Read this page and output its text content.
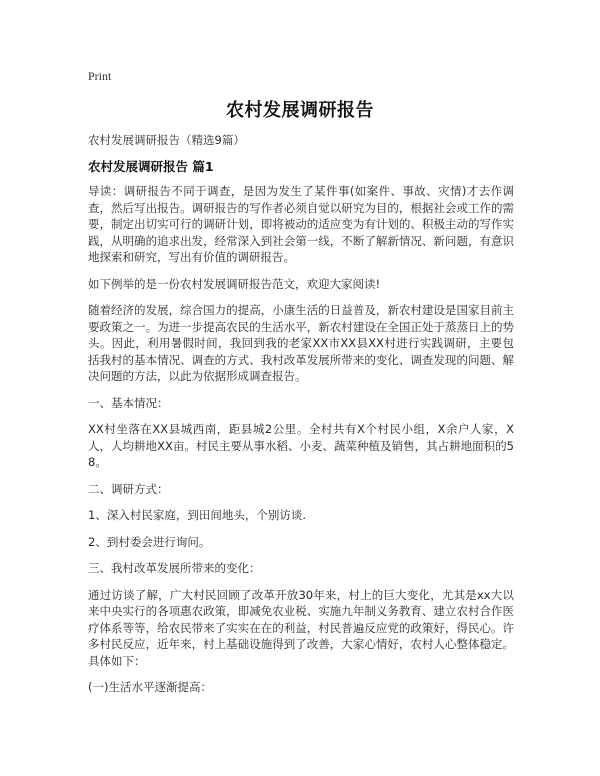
Print
农村发展调研报告

农村发展调研报告（精选9篇）

农村发展调研报告 篇1

导读：调研报告不同于调查，是因为发生了某件事(如案件、事故、灾情)才去作调查，然后写出报告。调研报告的写作者必须自觉以研究为目的，根据社会或工作的需要，制定出切实可行的调研计划，即将被动的适应变为有计划的、积极主动的写作实践，从明确的追求出发，经常深入到社会第一线，不断了解新情况、新问题，有意识地探索和研究，写出有价值的调研报告。

如下例举的是一份农村发展调研报告范文，欢迎大家阅读!

随着经济的发展，综合国力的提高，小康生活的日益普及，新农村建设是国家目前主要政策之一。为进一步提高农民的生活水平，新农村建设在全国正处于蒸蒸日上的势头。因此，利用暑假时间，我回到我的老家XX市XX县XX村进行实践调研，主要包括我村的基本情况、调查的方式、我村改革发展所带来的变化、调查发现的问题、解决问题的方法，以此为依据形成调查报告。

一、基本情况：

XX村坐落在XX县城西南，距县城2公里。全村共有X个村民小组，X余户人家，X人，人均耕地XX亩。村民主要从事水稻、小麦、蔬菜种植及销售，其占耕地面积的58。

二、调研方式：

1、深入村民家庭，到田间地头，个别访谈.

2、到村委会进行询问。

三、我村改革发展所带来的变化：

通过访谈了解，广大村民回顾了改革开放30年来，村上的巨大变化，尤其是xx大以来中央实行的各项惠农政策，即减免农业税、实施九年制义务教育、建立农村合作医疗体系等等，给农民带来了实实在在的利益，村民普遍反应党的政策好，得民心。许多村民反应，近年来，村上基础设施得到了改善，大家心情好，农村人心整体稳定。具体如下：

(一)生活水平逐渐提高：
